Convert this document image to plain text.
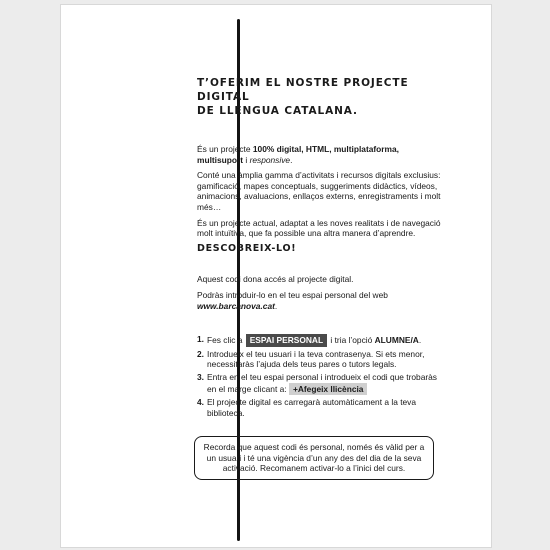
T’OFERIM EL NOSTRE PROJECTE DIGITAL
DE LLENGUA CATALANA.

És un projecte 100% digital, HTML, multiplataforma, multisuport i responsive.

Conté una àmplia gamma d’activitats i recursos digitals exclusius: gamificació, mapes conceptuals, suggeriments didàctics, vídeos, animacions, avaluacions, enllaços externs, enregistraments i molt més…

És un projecte actual, adaptat a les noves realitats i de navegació molt intuïtiva, que fa possible una altra manera d’aprendre.

DESCOBREIX-LO!

Aquest codi dona accés al projecte digital.

Podràs introduir-lo en el teu espai personal del web
www.barcanova.cat.

1. Fes clic a ESPAI PERSONAL i tria l’opció ALUMNE/A.
2. Introdueix el teu usuari i la teva contrasenya. Si ets menor, necessitaràs l’ajuda dels teus pares o tutors legals.
3. Entra en el teu espai personal i introdueix el codi que trobaràs en el marge clicant a: +Afegeix llicència
4. El projecte digital es carregarà automàticament a la teva biblioteca.
Recorda que aquest codi és personal, només és vàlid per a un usuari i té una vigència d’un any des del dia de la seva activació. Recomanem activar-lo a l’inici del curs.
